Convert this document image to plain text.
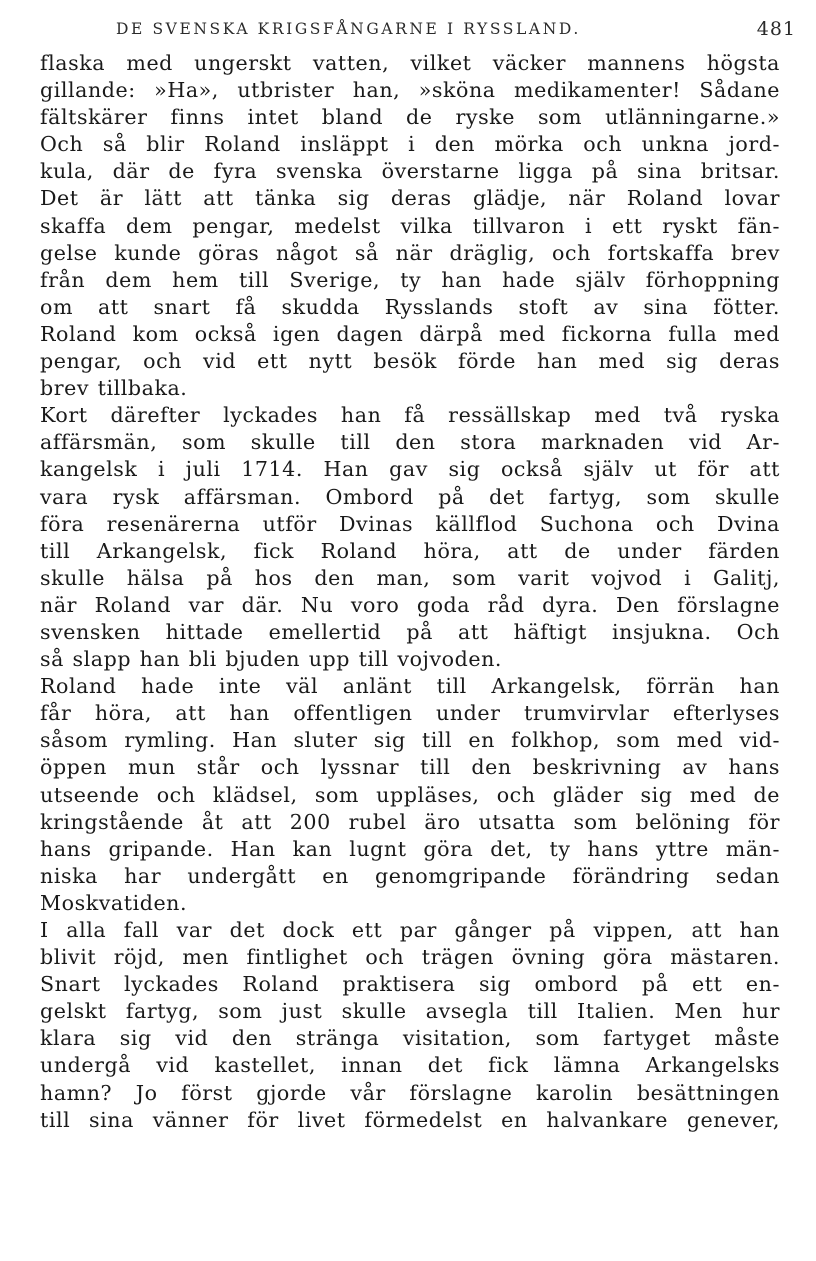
DE SVENSKA KRIGSFÅNGARNE I RYSSLAND.	481
flaska med ungerskt vatten, vilket väcker mannens högsta
gillande: »Ha», utbrister han, »sköna medikamenter! Sådane
fältskärer finns intet bland de ryske som utlänningarne.»
Och så blir Roland insläppt i den mörka och unkna jord-
kula, där de fyra svenska överstarne ligga på sina britsar.
Det är lätt att tänka sig deras glädje, när Roland lovar
skaffa dem pengar, medelst vilka tillvaron i ett ryskt fän-
gelse kunde göras något så när dräglig, och fortskaffa brev
från dem hem till Sverige, ty han hade själv förhoppning
om att snart få skudda Rysslands stoft av sina fötter.
Roland kom också igen dagen därpå med fickorna fulla med
pengar, och vid ett nytt besök förde han med sig deras
brev tillbaka.
Kort därefter lyckades han få ressällskap med två ryska
affärsmän, som skulle till den stora marknaden vid Ar-
kangelsk i juli 1714. Han gav sig också själv ut för att
vara rysk affärsman. Ombord på det fartyg, som skulle
föra resenärerna utför Dvinas källflod Suchona och Dvina
till Arkangelsk, fick Roland höra, att de under färden
skulle hälsa på hos den man, som varit vojvod i Galitj,
när Roland var där. Nu voro goda råd dyra. Den förslagne
svensken hittade emellertid på att häftigt insjukna. Och
så slapp han bli bjuden upp till vojvoden.
Roland hade inte väl anlänt till Arkangelsk, förrän han
får höra, att han offentligen under trumvirvlar efterlyses
såsom rymling. Han sluter sig till en folkhop, som med vid-
öppen mun står och lyssnar till den beskrivning av hans
utseende och klädsel, som uppläses, och gläder sig med de
kringstående åt att 200 rubel äro utsatta som belöning för
hans gripande. Han kan lugnt göra det, ty hans yttre män-
niska har undergått en genomgripande förändring sedan
Moskvatiden.
I alla fall var det dock ett par gånger på vippen, att han
blivit röjd, men fintlighet och trägen övning göra mästaren.
Snart lyckades Roland praktisera sig ombord på ett en-
gelskt fartyg, som just skulle avsegla till Italien. Men hur
klara sig vid den stränga visitation, som fartyget måste
undergå vid kastellet, innan det fick lämna Arkangelsks
hamn? Jo först gjorde vår förslagne karolin besättningen
till sina vänner för livet förmedelst en halvankare genever,
